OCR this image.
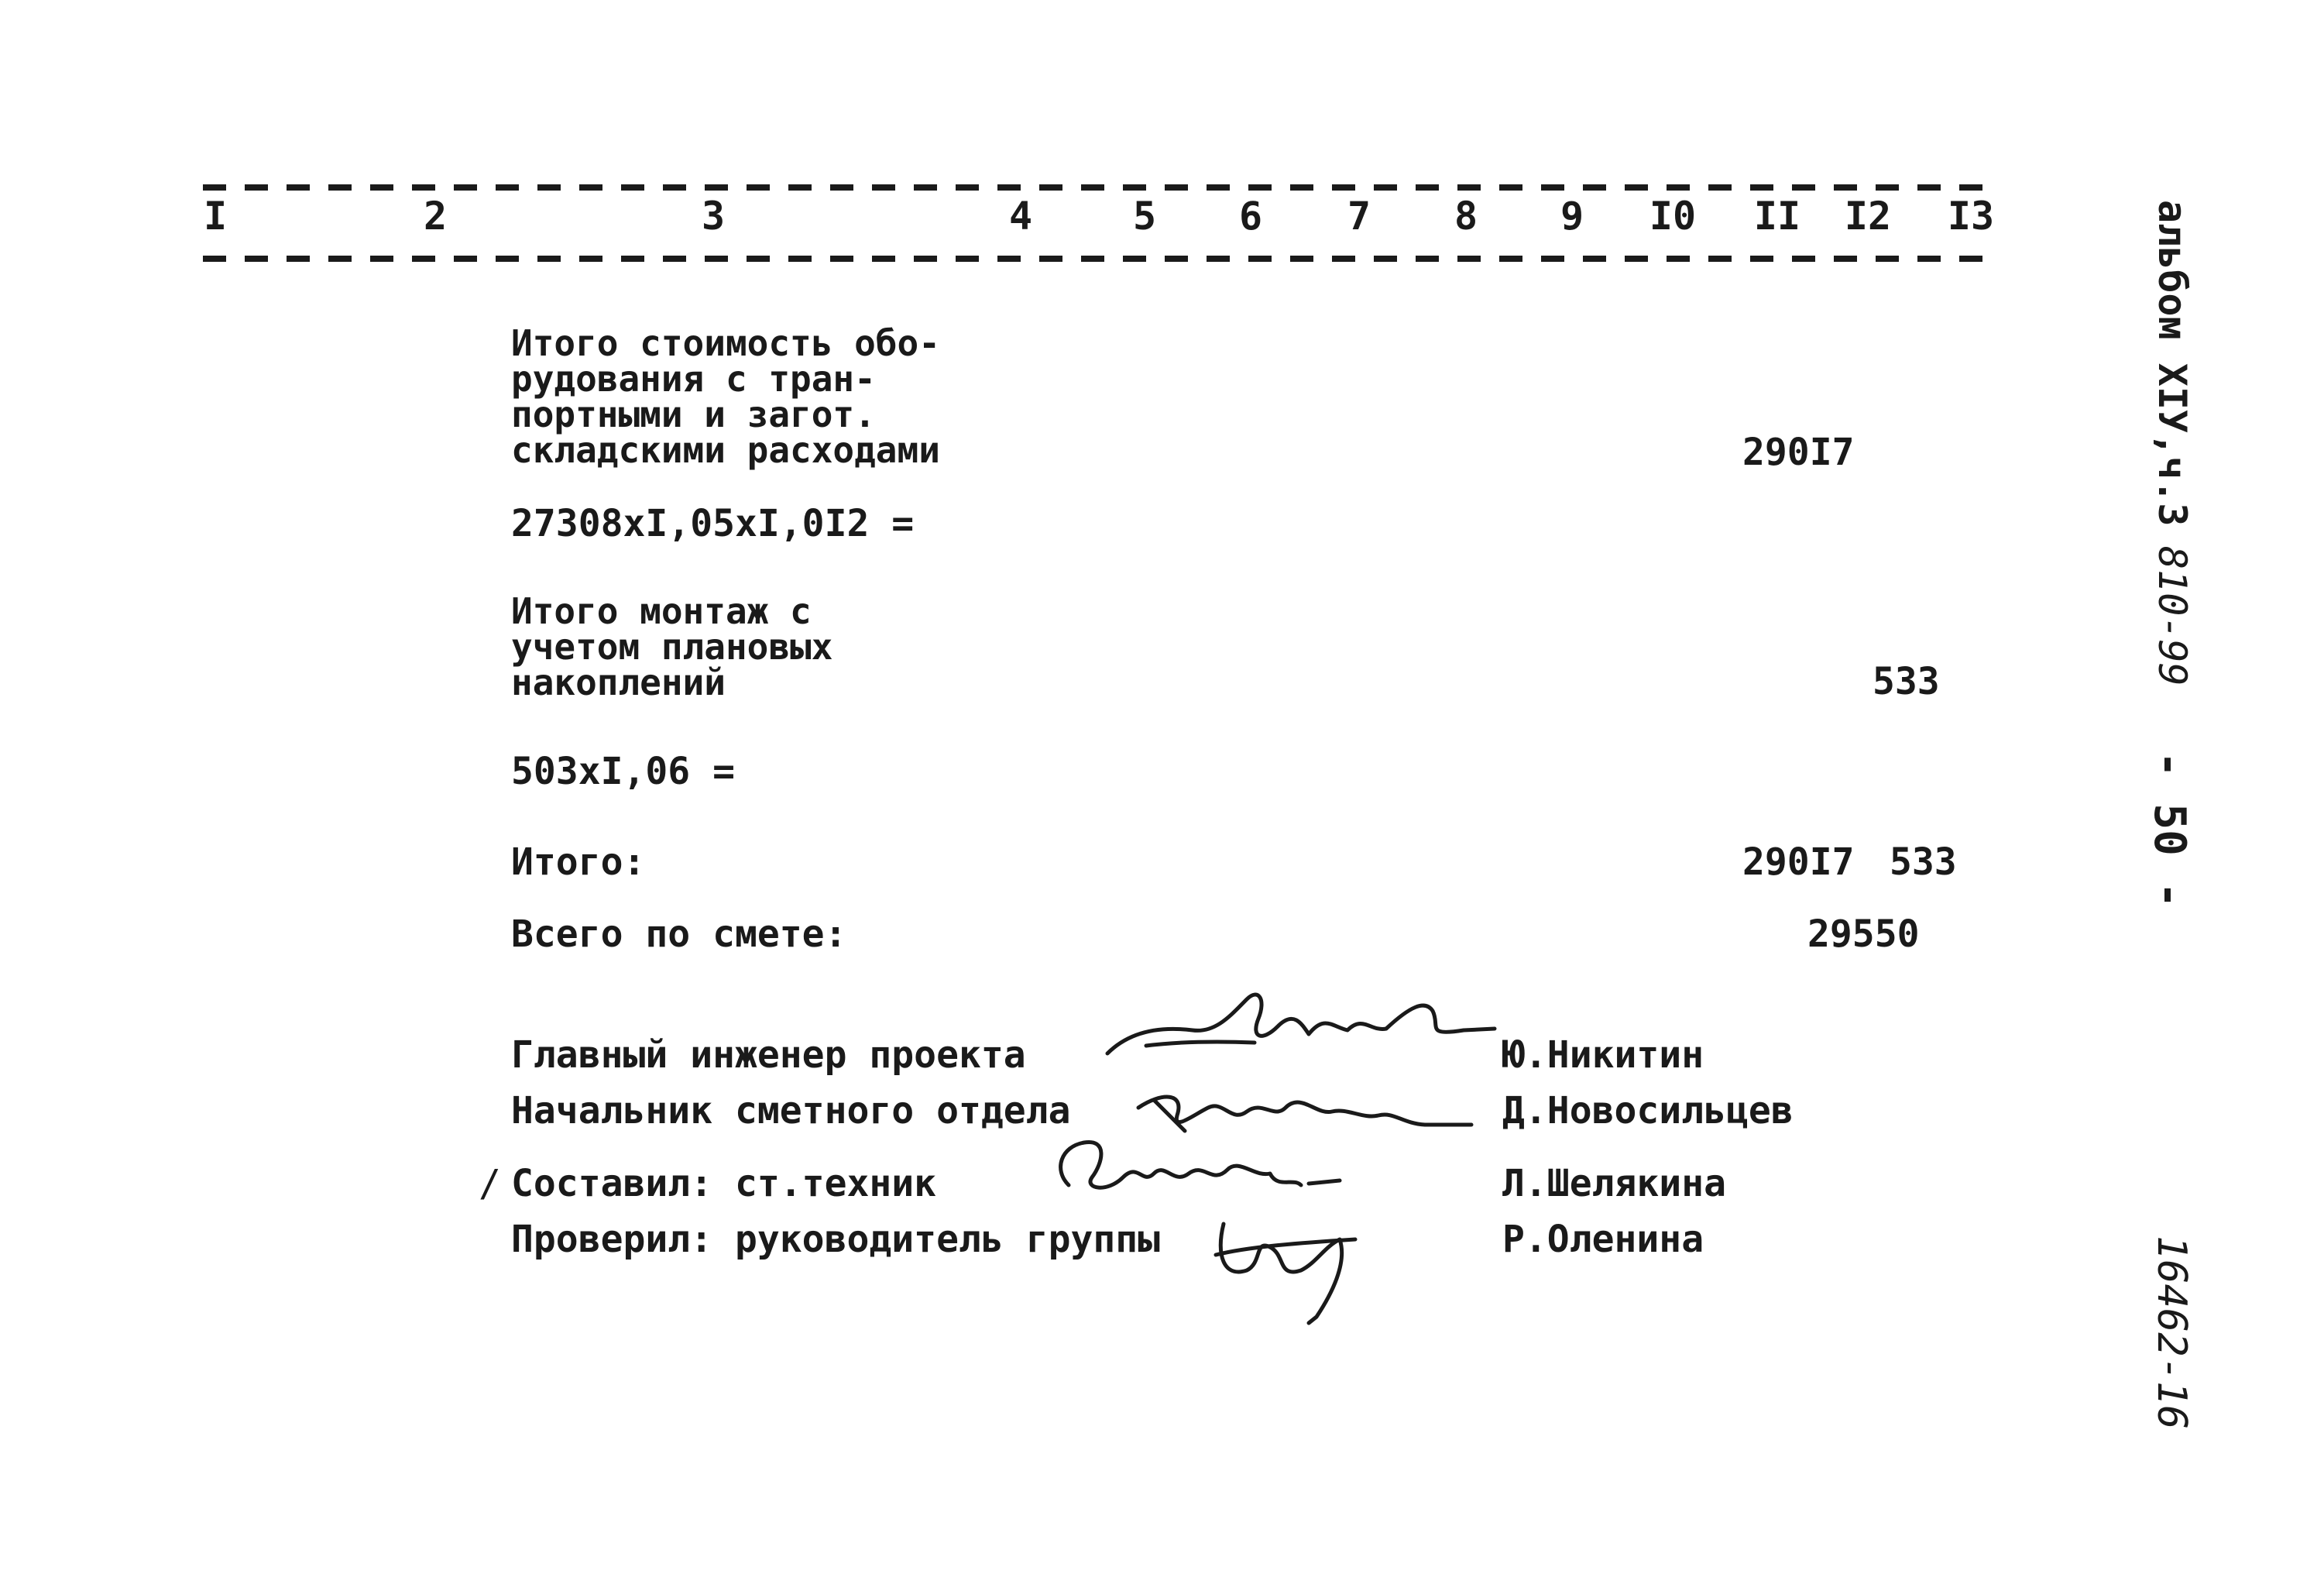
I	2	3	4	5 6 7 8 9 I0 II I2 I3
Итого стоимость обо-
рудования с тран-
портными и загот.
складскими расходами	290I7
27308xI,05xI,0I2 =
Итого монтаж с
учетом плановых
накоплений	533
503xI,06 =
Итого:	290I7 533
Всего по смете:	29550
Главный инженер проекта	Ю.Никитин
Начальник сметного отдела	Д.Новосильцев
/ Составил: ст.техник	Л.Шелякина
Проверил: руководитель группы	Р.Оленина
альбом XIУ,ч.3
810-99
- 50 -
16462-16
